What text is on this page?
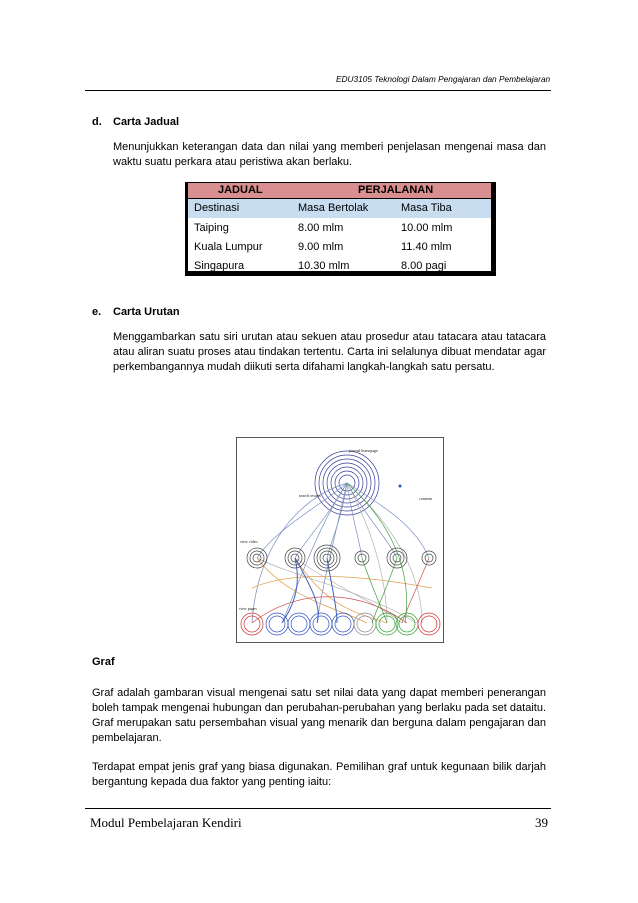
EDU3105 Teknologi Dalam Pengajaran dan Pembelajaran
d. Carta Jadual

Menunjukkan keterangan data dan nilai yang memberi penjelasan mengenai masa dan waktu suatu perkara atau peristiwa akan berlaku.

JADUAL	PERJALANAN
Destinasi	Masa Bertolak	Masa Tiba
Taiping	8.00 mlm	10.00 mlm
Kuala Lumpur	9.00 mlm	11.40 mlm
Singapura	10.30 mlm	8.00 pagi
e. Carta Urutan

Menggambarkan satu siri urutan atau sekuen atau prosedur atau tatacara atau tatacara atau aliran suatu proses atau tindakan tertentu. Carta ini selalunya dibuat mendatar agar perkembangannya mudah diikuti serta difahami langkah-langkah satu persatu.

journal homepage
search results
contents
view video
view pages
Graf

Graf adalah gambaran visual mengenai satu set nilai data yang dapat memberi penerangan boleh tampak mengenai hubungan dan perubahan-perubahan yang berlaku pada set dataitu. Graf merupakan satu persembahan visual yang menarik dan berguna dalam pengajaran dan pembelajaran.

Terdapat empat jenis graf yang biasa digunakan. Pemilihan graf untuk kegunaan bilik darjah bergantung kepada dua faktor yang penting iaitu:

Modul Pembelajaran Kendiri	39
